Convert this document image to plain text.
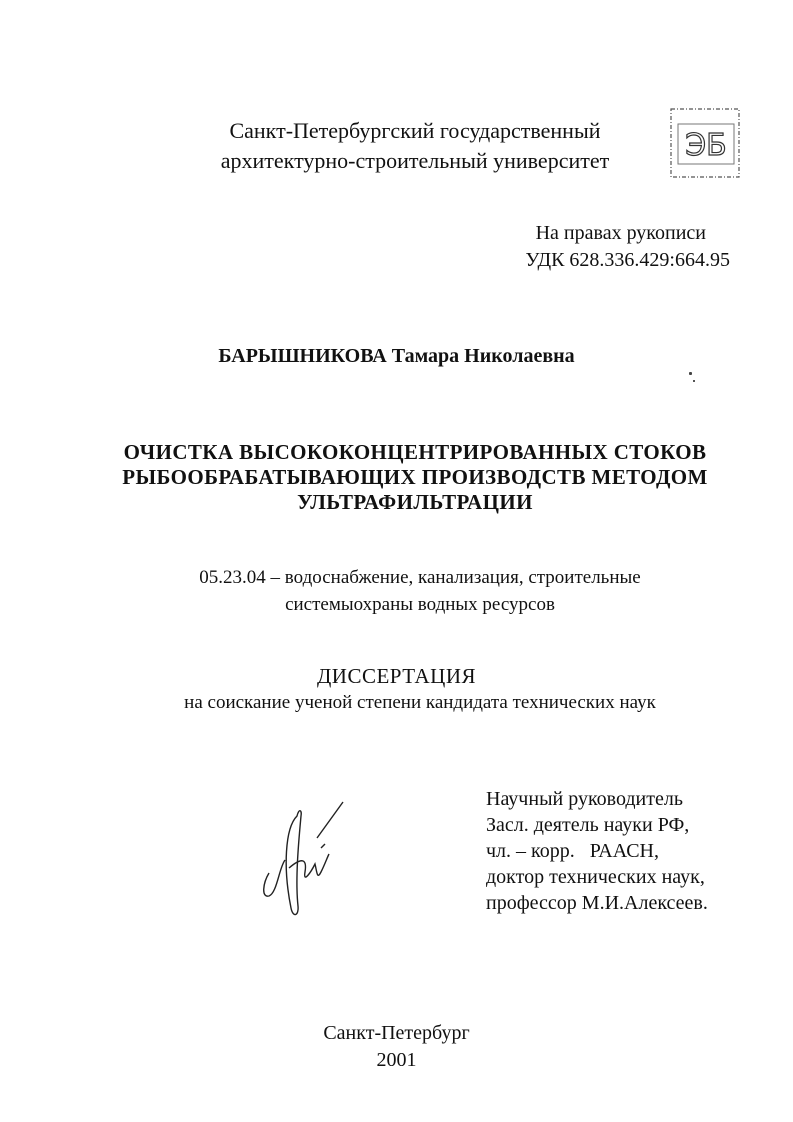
Санкт-Петербургский государственный
архитектурно-строительный университет	ЭБ
На правах рукописи
УДК 628.336.429:664.95
БАРЫШНИКОВА Тамара Николаевна
ОЧИСТКА ВЫСОКОКОНЦЕНТРИРОВАННЫХ СТОКОВ
РЫБООБРАБАТЫВАЮЩИХ ПРОИЗВОДСТВ МЕТОДОМ
УЛЬТРАФИЛЬТРАЦИИ
05.23.04 – водоснабжение, канализация, строительные
системыохраны водных ресурсов
ДИССЕРТАЦИЯ
на соискание ученой степени кандидата технических наук
Научный руководитель
Засл. деятель науки РФ,
чл. – корр.   РААСН,
доктор технических наук,
профессор М.И.Алексеев.
Санкт-Петербург
2001
